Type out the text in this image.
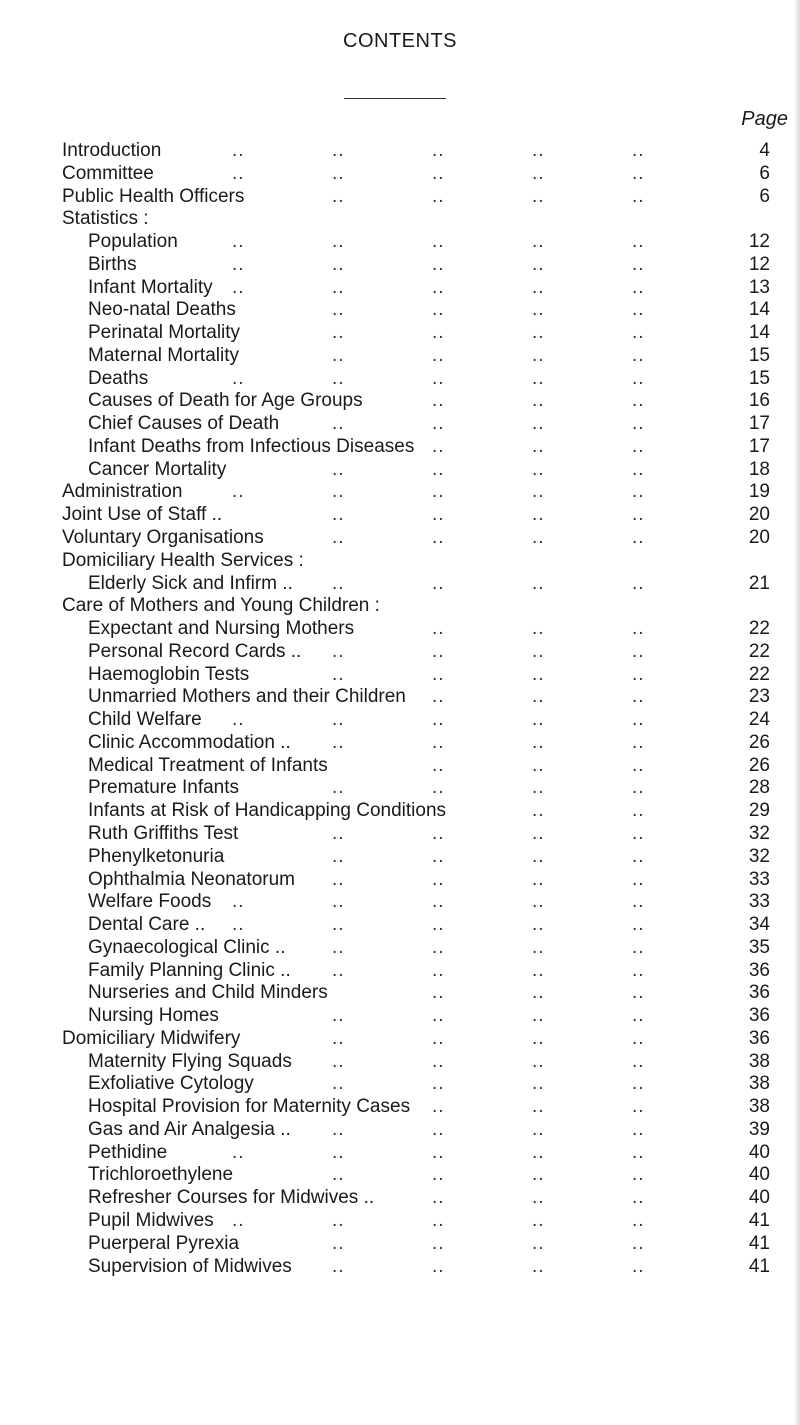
CONTENTS
Page
Introduction	4
..	..	..	..	..
Committee	6
..	..	..	..	..
Public Health Officers	6
..	..	..	..
Statistics :
Population	12
..	..	..	..	..
Births	12
..	..	..	..	..
Infant Mortality	13
..	..	..	..	..
Neo-natal Deaths	14
..	..	..	..
Perinatal Mortality	14
..	..	..	..
Maternal Mortality	15
..	..	..	..
Deaths	15
..	..	..	..	..
Causes of Death for Age Groups	16
..	..	..
Chief Causes of Death	17
..	..	..	..
Infant Deaths from Infectious Diseases	17
..	..	..
Cancer Mortality	18
..	..	..	..
Administration	19
..	..	..	..	..
Joint Use of Staff ..	20
..	..	..	..
Voluntary Organisations	20
..	..	..	..
Domiciliary Health Services :
Elderly Sick and Infirm ..	21
..	..	..	..
Care of Mothers and Young Children :
Expectant and Nursing Mothers	22
..	..	..
Personal Record Cards ..	22
..	..	..	..
Haemoglobin Tests	22
..	..	..	..
Unmarried Mothers and their Children	23
..	..	..
Child Welfare	24
..	..	..	..	..
Clinic Accommodation ..	26
..	..	..	..
Medical Treatment of Infants	26
..	..	..
Premature Infants	28
..	..	..	..
Infants at Risk of Handicapping Conditions	29
..	..
Ruth Griffiths Test	32
..	..	..	..
Phenylketonuria	32
..	..	..	..
Ophthalmia Neonatorum	33
..	..	..	..
Welfare Foods	33
..	..	..	..	..
Dental Care ..	34
..	..	..	..	..
Gynaecological Clinic ..	35
..	..	..	..
Family Planning Clinic ..	36
..	..	..	..
Nurseries and Child Minders	36
..	..	..
Nursing Homes	36
..	..	..	..
Domiciliary Midwifery	36
..	..	..	..
Maternity Flying Squads	38
..	..	..	..
Exfoliative Cytology	38
..	..	..	..
Hospital Provision for Maternity Cases	38
..	..	..
Gas and Air Analgesia ..	39
..	..	..	..
Pethidine	40
..	..	..	..	..
Trichloroethylene	40
..	..	..	..
Refresher Courses for Midwives ..	40
..	..	..
Pupil Midwives	41
..	..	..	..	..
Puerperal Pyrexia	41
..	..	..	..
Supervision of Midwives	41
..	..	..	..
